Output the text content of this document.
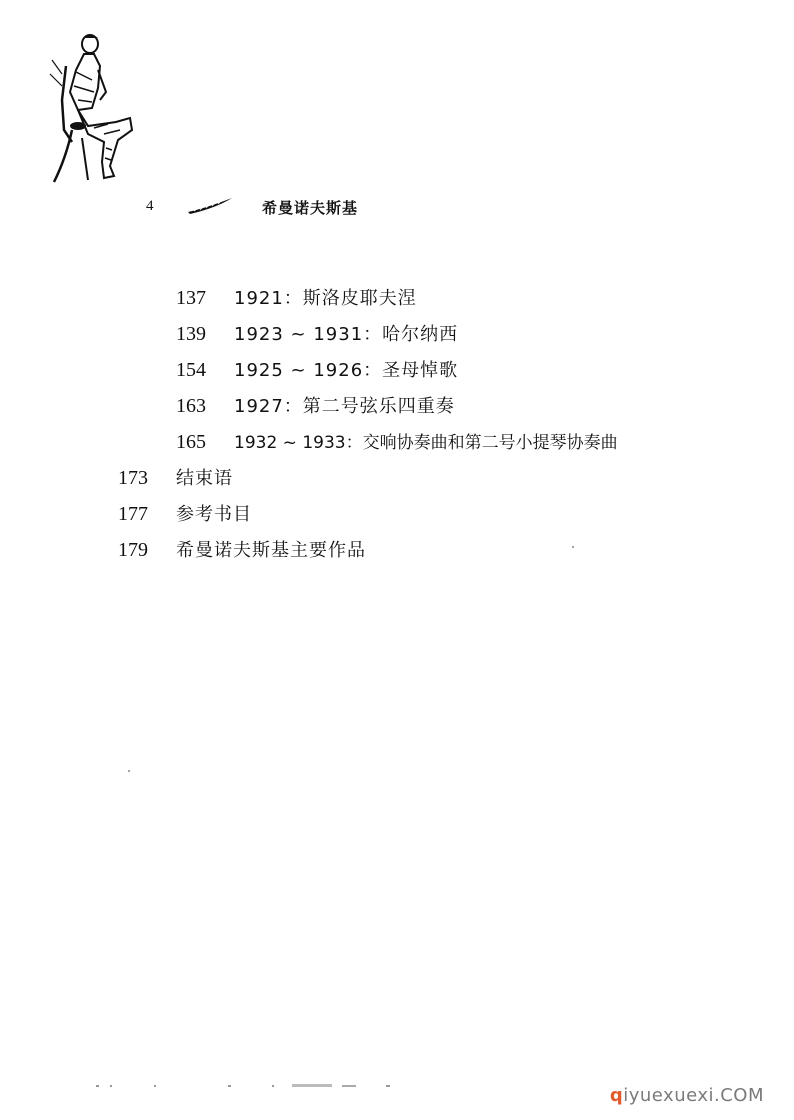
4	希曼诺夫斯基
137 1921：斯洛皮耶夫涅
139 1923 ~ 1931：哈尔纳西
154 1925 ~ 1926：圣母悼歌
163 1927：第二号弦乐四重奏
165 1932 ~ 1933：交响协奏曲和第二号小提琴协奏曲
173 结束语
177 参考书目
179 希曼诺夫斯基主要作品
qiyuexuexi.COM
